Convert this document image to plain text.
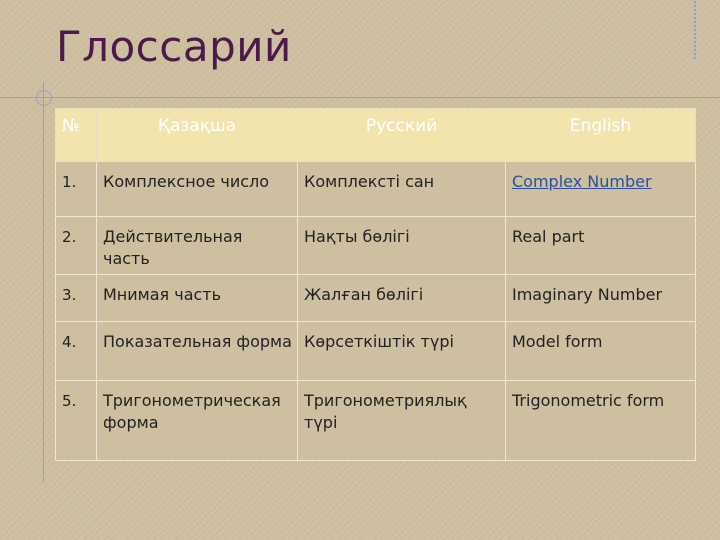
Глоссарий
№	Қазақша	Русский	English
1.	Комплексное число	Комплексті сан	Complex Number
2.	Действительная часть	Нақты бөлігі	Real part
3.	Мнимая часть	Жалған бөлігі	Imaginary Number
4.	Показательная форма	Көрсеткіштік түрі	Model form
5.	Тригонометрическая форма	Тригонометриялық түрі	Trigonometric form
